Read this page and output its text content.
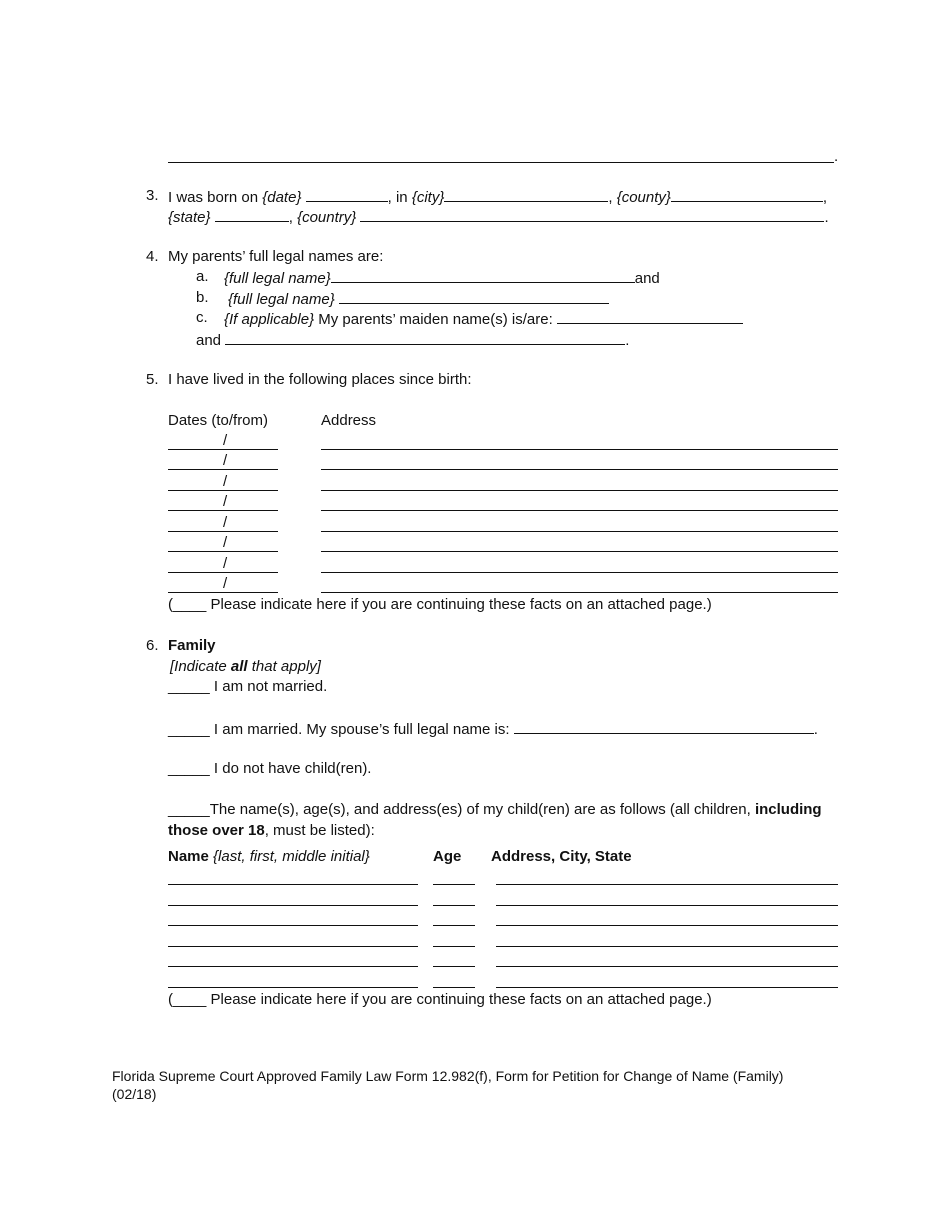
.
3. I was born on {date}	, in {city}	, {county}	,
{state}	, {country}	.
4. My parents’ full legal names are:
a. {full legal name}	and
b. {full legal name}
c. {If applicable} My parents’ maiden name(s) is/are:
and	.
5. I have lived in the following places since birth:
Dates (to/from)	Address
/
/
/
/
/
/
/
/
(____ Please indicate here if you are continuing these facts on an attached page.)
6. Family
[Indicate all that apply]
_____ I am not married.
_____ I am married. My spouse’s full legal name is:	.
_____ I do not have child(ren).
_____The name(s), age(s), and address(es) of my child(ren) are as follows (all children, including
those over 18, must be listed):
Name {last, first, middle initial}	Age Address, City, State
(____ Please indicate here if you are continuing these facts on an attached page.)
Florida Supreme Court Approved Family Law Form 12.982(f), Form for Petition for Change of Name (Family)
(02/18)
